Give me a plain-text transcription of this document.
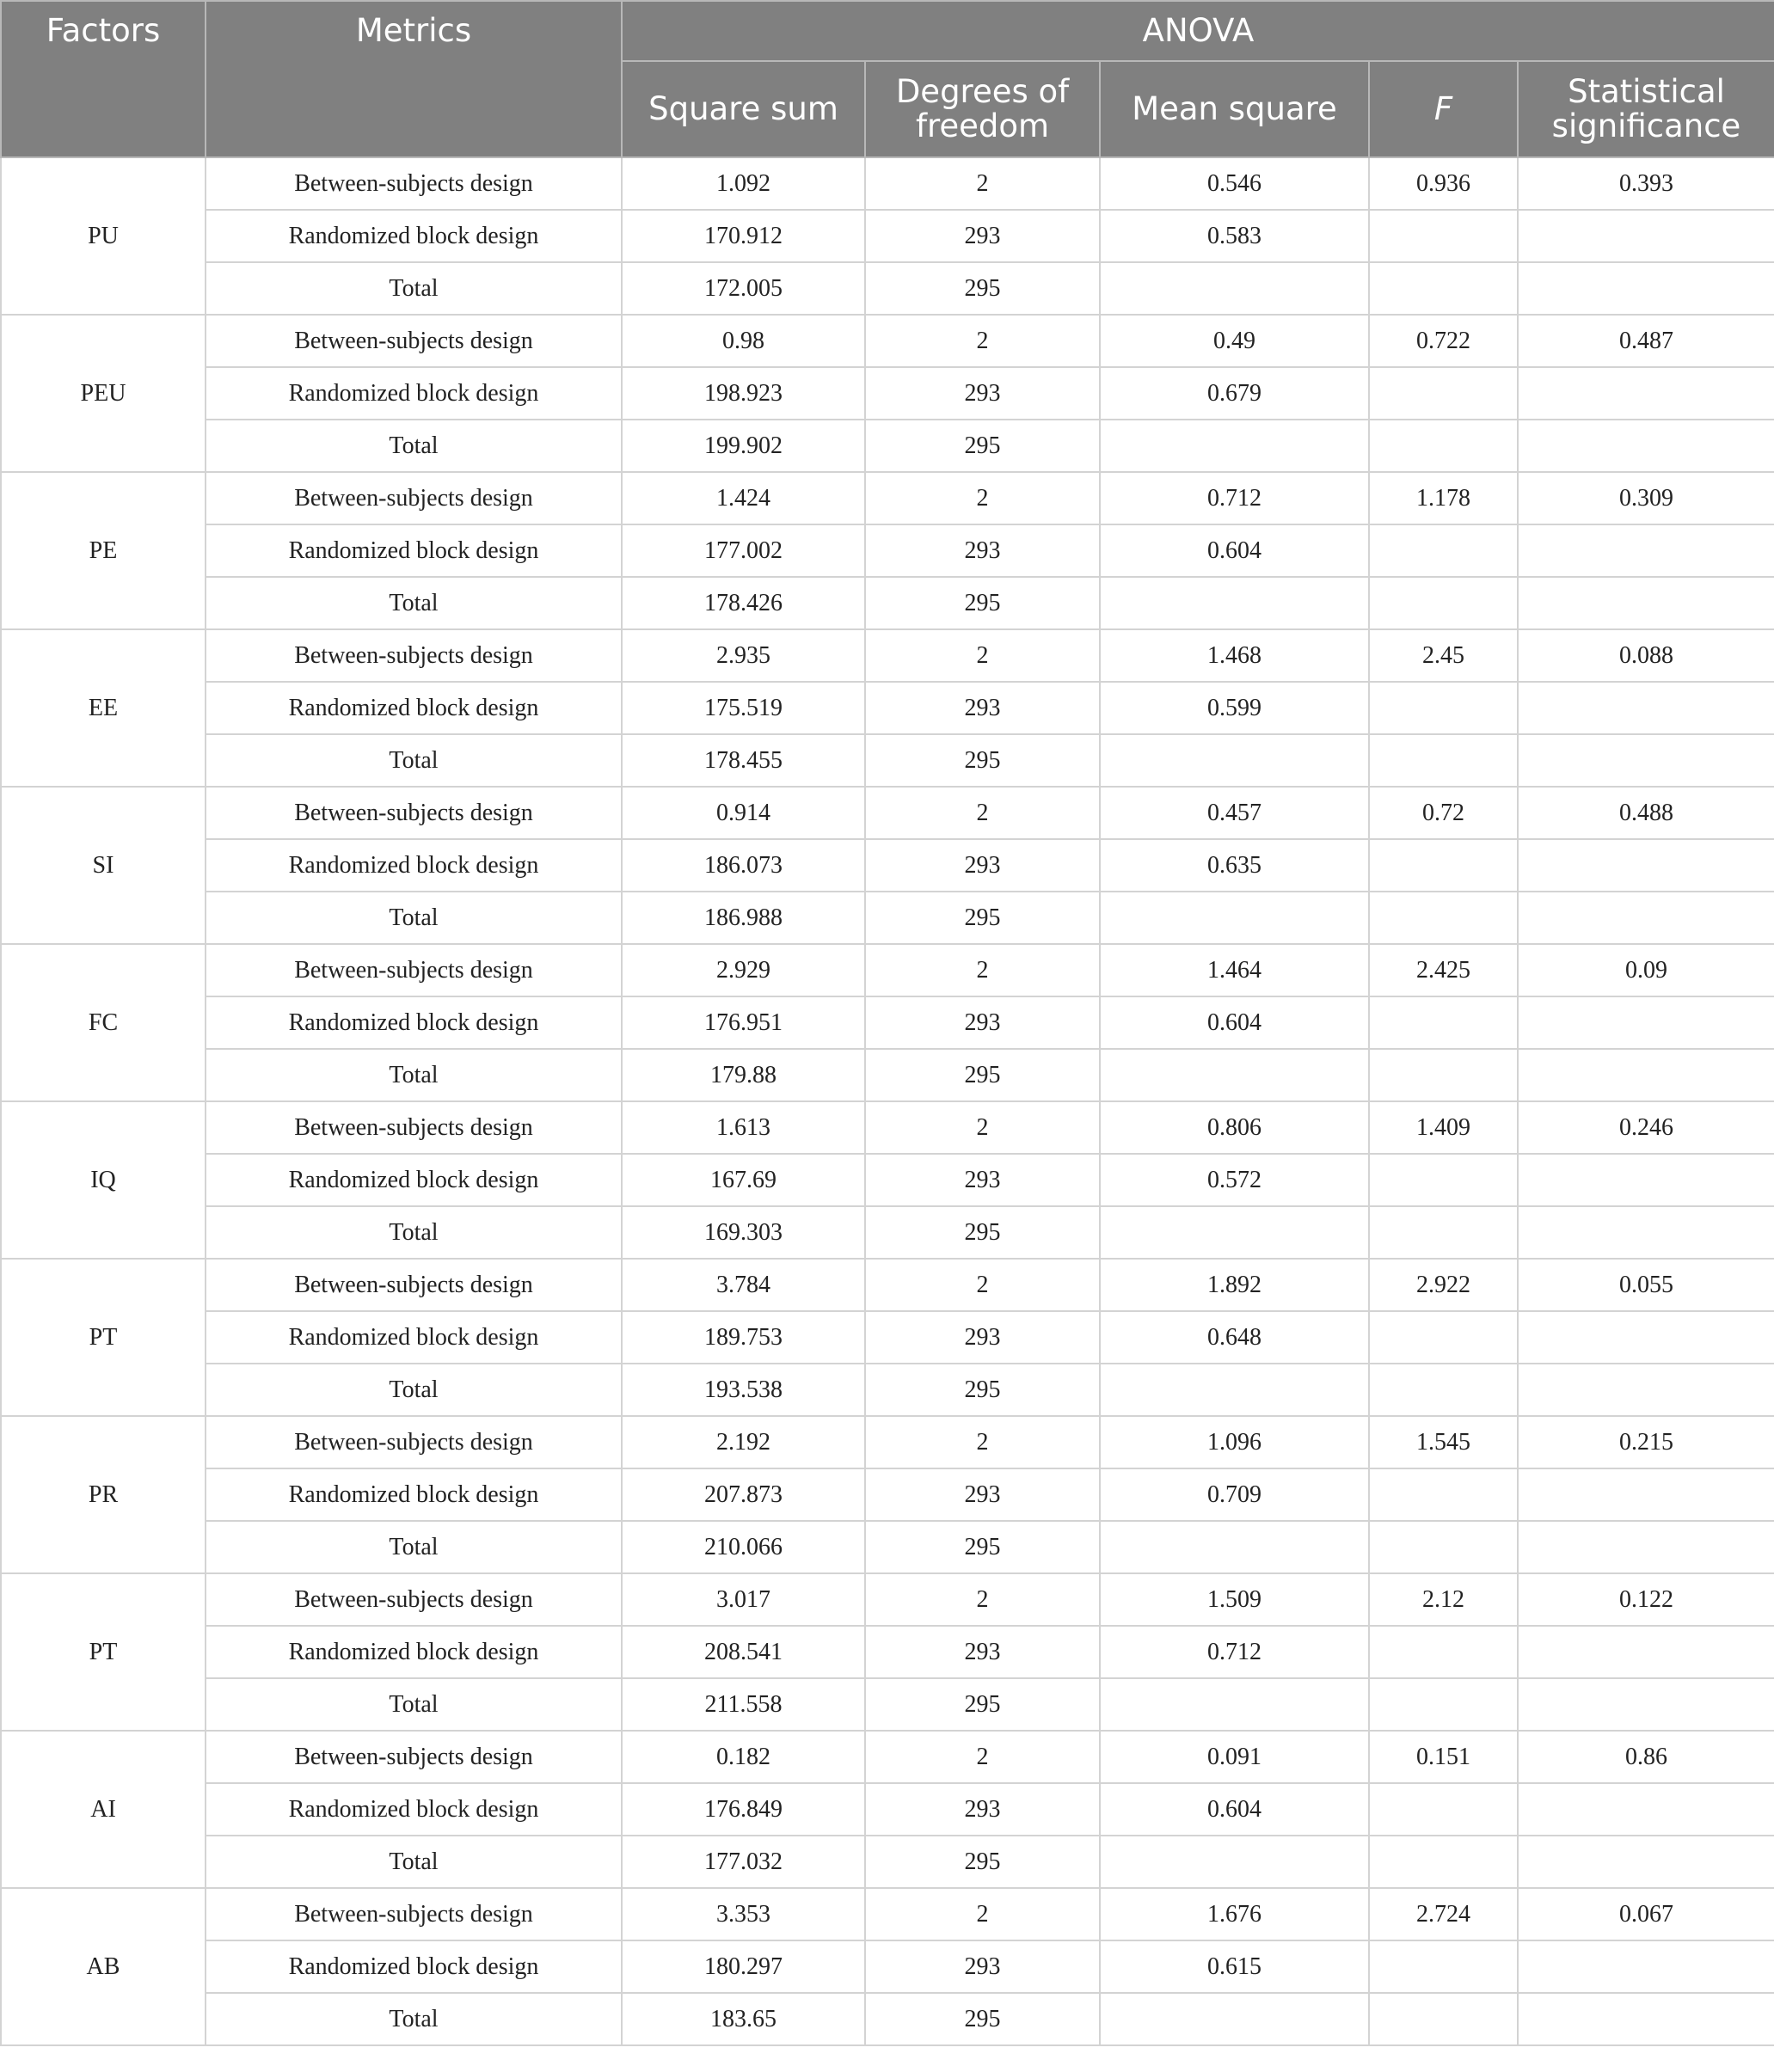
Factors	Metrics	ANOVA				
		Square sum	Degrees of freedom	Mean square	F	Statistical significance
PU	Between-subjects design	1.092	2	0.546	0.936	0.393
	Randomized block design	170.912	293	0.583		
	Total	172.005	295			
PEU	Between-subjects design	0.98	2	0.49	0.722	0.487
	Randomized block design	198.923	293	0.679		
	Total	199.902	295			
PE	Between-subjects design	1.424	2	0.712	1.178	0.309
	Randomized block design	177.002	293	0.604		
	Total	178.426	295			
EE	Between-subjects design	2.935	2	1.468	2.45	0.088
	Randomized block design	175.519	293	0.599		
	Total	178.455	295			
SI	Between-subjects design	0.914	2	0.457	0.72	0.488
	Randomized block design	186.073	293	0.635		
	Total	186.988	295			
FC	Between-subjects design	2.929	2	1.464	2.425	0.09
	Randomized block design	176.951	293	0.604		
	Total	179.88	295			
IQ	Between-subjects design	1.613	2	0.806	1.409	0.246
	Randomized block design	167.69	293	0.572		
	Total	169.303	295			
PT	Between-subjects design	3.784	2	1.892	2.922	0.055
	Randomized block design	189.753	293	0.648		
	Total	193.538	295			
PR	Between-subjects design	2.192	2	1.096	1.545	0.215
	Randomized block design	207.873	293	0.709		
	Total	210.066	295			
PT	Between-subjects design	3.017	2	1.509	2.12	0.122
	Randomized block design	208.541	293	0.712		
	Total	211.558	295			
AI	Between-subjects design	0.182	2	0.091	0.151	0.86
	Randomized block design	176.849	293	0.604		
	Total	177.032	295			
AB	Between-subjects design	3.353	2	1.676	2.724	0.067
	Randomized block design	180.297	293	0.615		
	Total	183.65	295			
